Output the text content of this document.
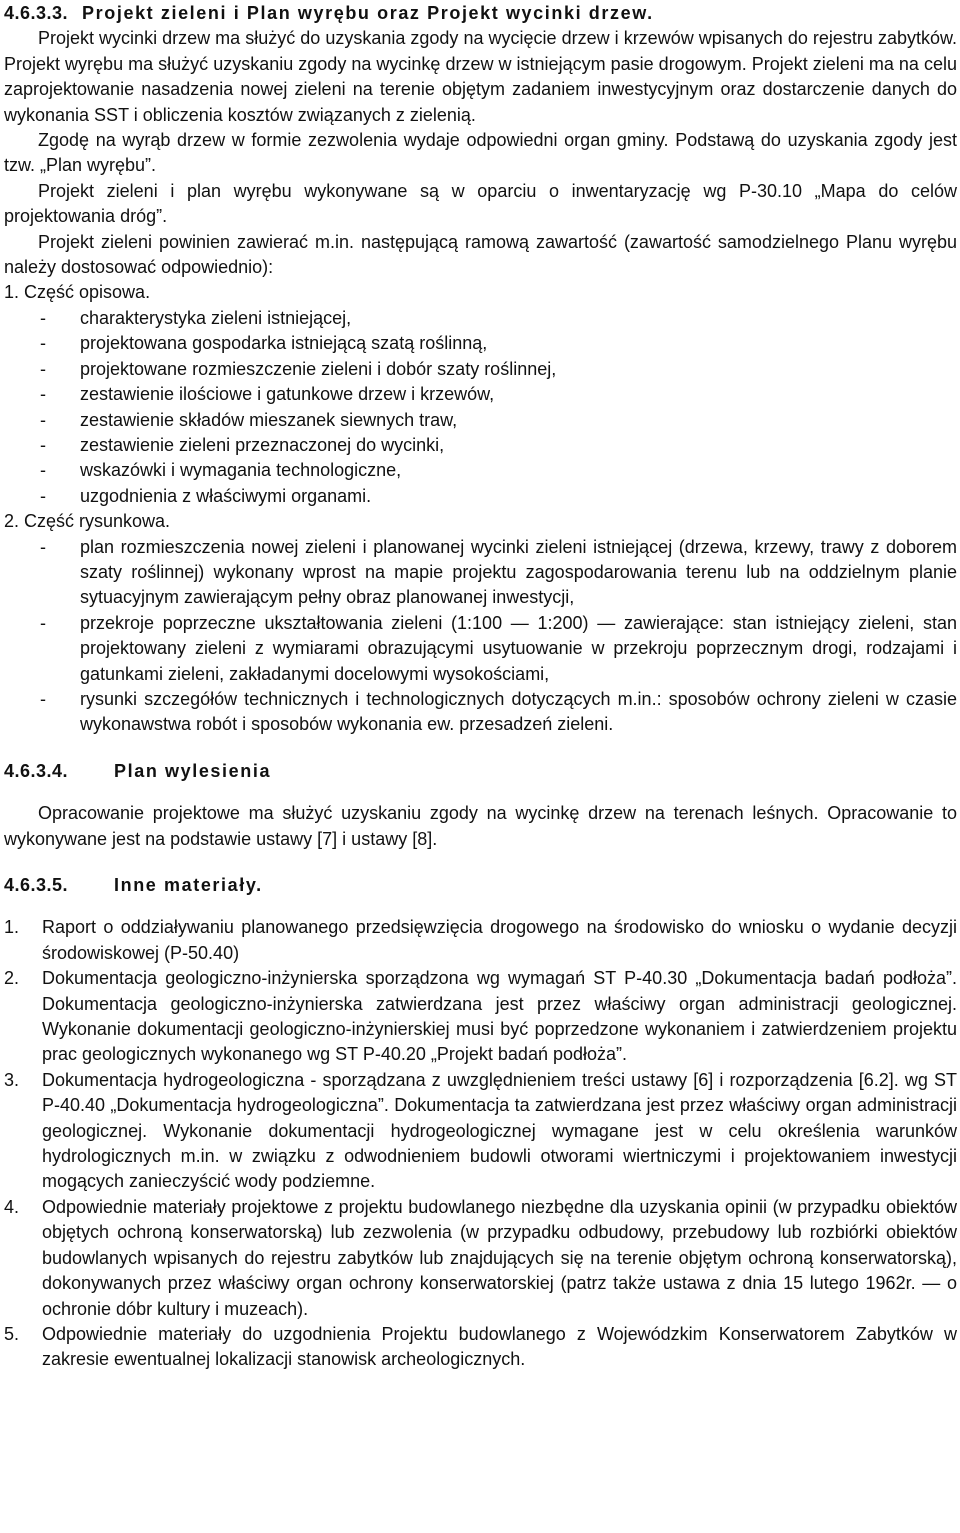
4.6.3.3. Projekt zieleni i Plan wyrębu oraz Projekt wycinki drzew.

Projekt wycinki drzew ma służyć do uzyskania zgody na wycięcie drzew i krzewów wpisanych do rejestru zabytków. Projekt wyrębu ma służyć uzyskaniu zgody na wycinkę drzew w istniejącym pasie drogowym. Projekt zieleni ma na celu zaprojektowanie nasadzenia nowej zieleni na terenie objętym zadaniem inwestycyjnym oraz dostarczenie danych do wykonania SST i obliczenia kosztów związanych z zielenią.

Zgodę na wyrąb drzew w formie zezwolenia wydaje odpowiedni organ gminy. Podstawą do uzyskania zgody jest tzw. „Plan wyrębu”.

Projekt zieleni i plan wyrębu wykonywane są w oparciu o inwentaryzację wg P-30.10 „Mapa do celów projektowania dróg”.

Projekt zieleni powinien zawierać m.in. następującą ramową zawartość (zawartość samodzielnego Planu wyrębu należy dostosować odpowiednio):

1. Część opisowa.

- charakterystyka zieleni istniejącej,
- projektowana gospodarka istniejącą szatą roślinną,
- projektowane rozmieszczenie zieleni i dobór szaty roślinnej,
- zestawienie ilościowe i gatunkowe drzew i krzewów,
- zestawienie składów mieszanek siewnych traw,
- zestawienie zieleni przeznaczonej do wycinki,
- wskazówki i wymagania technologiczne,
- uzgodnienia z właściwymi organami.

2. Część rysunkowa.

- plan rozmieszczenia nowej zieleni i planowanej wycinki zieleni istniejącej (drzewa, krzewy, trawy z doborem szaty roślinnej) wykonany wprost na mapie projektu zagospodarowania terenu lub na oddzielnym planie sytuacyjnym zawierającym pełny obraz planowanej inwestycji,
- przekroje poprzeczne ukształtowania zieleni (1:100 — 1:200) — zawierające: stan istniejący zieleni, stan projektowany zieleni z wymiarami obrazującymi usytuowanie w przekroju poprzecznym drogi, rodzajami i gatunkami zieleni, zakładanymi docelowymi wysokościami,
- rysunki szczegółów technicznych i technologicznych dotyczących m.in.: sposobów ochrony zieleni w czasie wykonawstwa robót i sposobów wykonania ew. przesadzeń zieleni.
4.6.3.4.	Plan wylesienia

Opracowanie projektowe ma służyć uzyskaniu zgody na wycinkę drzew na terenach leśnych. Opracowanie to wykonywane jest na podstawie ustawy [7] i ustawy [8].

4.6.3.5.	Inne materiały.
1. Raport o oddziaływaniu planowanego przedsięwzięcia drogowego na środowisko do wniosku o wydanie decyzji środowiskowej (P-50.40)
2. Dokumentacja geologiczno-inżynierska sporządzona wg wymagań ST P-40.30 „Dokumentacja badań podłoża”. Dokumentacja geologiczno-inżynierska zatwierdzana jest przez właściwy organ administracji geologicznej. Wykonanie dokumentacji geologiczno-inżynierskiej musi być poprzedzone wykonaniem i zatwierdzeniem projektu prac geologicznych wykonanego wg ST P-40.20 „Projekt badań podłoża”.
3. Dokumentacja hydrogeologiczna - sporządzana z uwzględnieniem treści ustawy [6] i rozporządzenia [6.2]. wg ST P-40.40 „Dokumentacja hydrogeologiczna”. Dokumentacja ta zatwierdzana jest przez właściwy organ administracji geologicznej. Wykonanie dokumentacji hydrogeologicznej wymagane jest w celu określenia warunków hydrologicznych m.in. w związku z odwodnieniem budowli otworami wiertniczymi i projektowaniem inwestycji mogących zanieczyścić wody podziemne.
4. Odpowiednie materiały projektowe z projektu budowlanego niezbędne dla uzyskania opinii (w przypadku obiektów objętych ochroną konserwatorską) lub zezwolenia (w przypadku odbudowy, przebudowy lub rozbiórki obiektów budowlanych wpisanych do rejestru zabytków lub znajdujących się na terenie objętym ochroną konserwatorską), dokonywanych przez właściwy organ ochrony konserwatorskiej (patrz także ustawa z dnia 15 lutego 1962r. — o ochronie dóbr kultury i muzeach).
5. Odpowiednie materiały do uzgodnienia Projektu budowlanego z Wojewódzkim Konserwatorem Zabytków w zakresie ewentualnej lokalizacji stanowisk archeologicznych.
